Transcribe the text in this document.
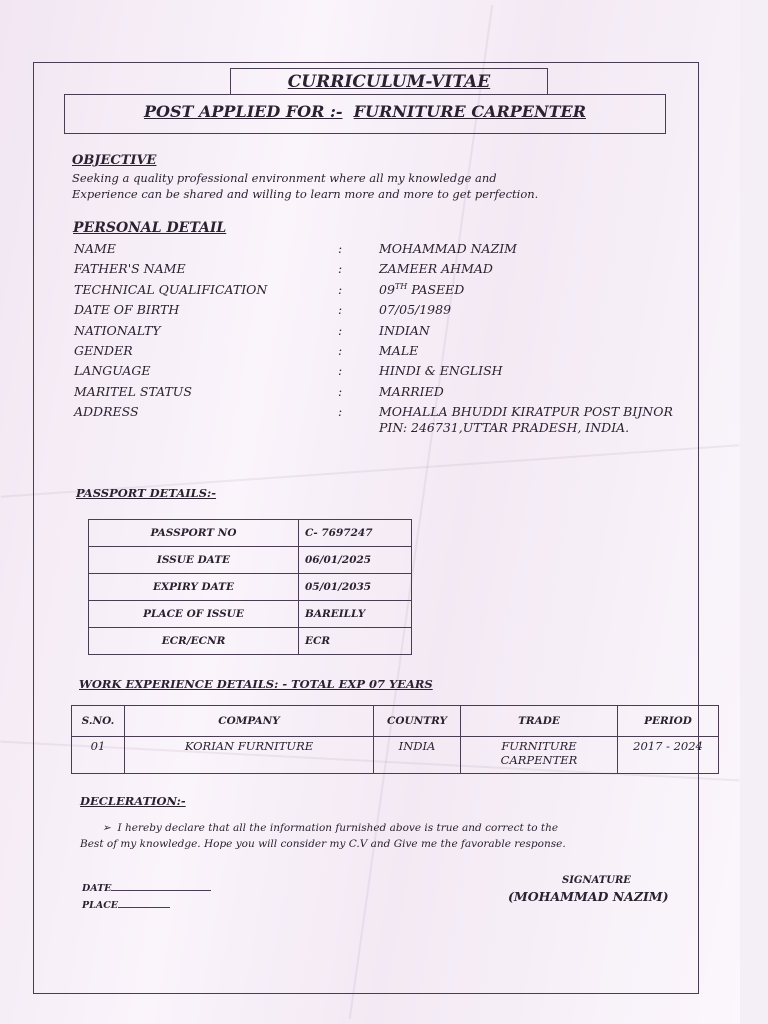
CURRICULUM-VITAE
POST APPLIED FOR :- FURNITURE CARPENTER
OBJECTIVE
Seeking a quality professional environment where all my knowledge and
Experience can be shared and willing to learn more and more to get perfection.
PERSONAL DETAIL
NAME	:	MOHAMMAD NAZIM
FATHER'S NAME	:	ZAMEER AHMAD
TECHNICAL QUALIFICATION	:	09TH PASEED
DATE OF BIRTH	:	07/05/1989
NATIONALTY	:	INDIAN
GENDER	:	MALE
LANGUAGE	:	HINDI & ENGLISH
MARITEL STATUS	:	MARRIED
ADDRESS	:	MOHALLA BHUDDI KIRATPUR POST BIJNOR
PIN: 246731,UTTAR PRADESH, INDIA.
PASSPORT DETAILS:-
PASSPORT NO	C- 7697247
ISSUE DATE	06/01/2025
EXPIRY DATE	05/01/2035
PLACE OF ISSUE	BAREILLY
ECR/ECNR	ECR
WORK EXPERIENCE DETAILS: - TOTAL EXP 07 YEARS
S.NO.	COMPANY	COUNTRY	TRADE	PERIOD
01	KORIAN FURNITURE	INDIA	FURNITURE CARPENTER	2017 - 2024
DECLERATION:-
➢ I hereby declare that all the information furnished above is true and correct to the
Best of my knowledge. Hope you will consider my C.V and Give me the favorable response.
DATE
PLACE
SIGNATURE
(MOHAMMAD NAZIM)
